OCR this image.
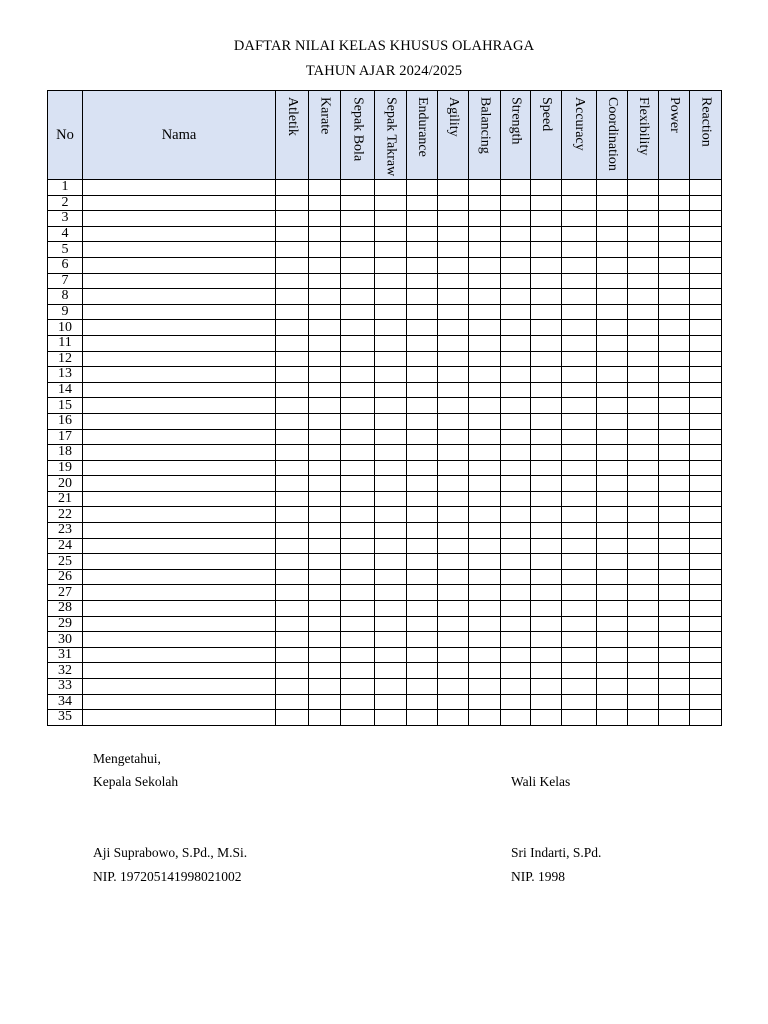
DAFTAR NILAI KELAS KHUSUS OLAHRAGA
TAHUN AJAR 2024/2025
No	Nama	Atletik	Karate	Sepak Bola	Sepak Takraw	Endurance	Agility	Balancing	Strength	Speed	Accuracy	Coordination	Flexibility	Power	Reaction

1															
2															
3															
4															
5															
6															
7															
8															
9															
10															
11															
12															
13															
14															
15															
16															
17															
18															
19															
20															
21															
22															
23															
24															
25															
26															
27															
28															
29															
30															
31															
32															
33															
34															
35															
Mengetahui,
Kepala Sekolah	Wali Kelas
Aji Suprabowo, S.Pd., M.Si.	Sri Indarti, S.Pd.
NIP. 197205141998021002	NIP. 1998
